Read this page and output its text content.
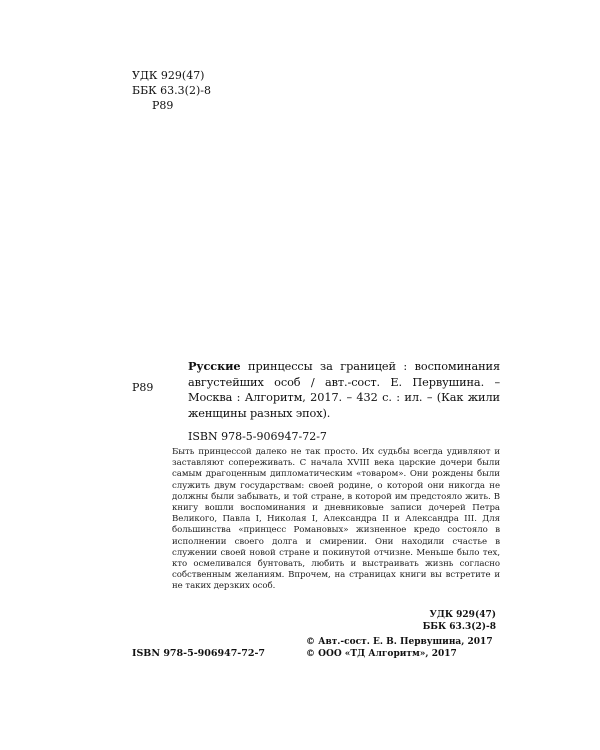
УДК 929(47)
ББК 63.3(2)-8
Р89
Р89
Русские принцессы за границей : воспоминания августейших особ / авт.-сост. Е. Первушина. – Москва : Алгоритм, 2017. – 432 с. : ил. – (Как жили женщины разных эпох).
ISBN 978-5-906947-72-7
Быть принцессой далеко не так просто. Их судьбы всегда удивляют и заставляют сопереживать. С начала XVIII века царские дочери были самым драгоценным дипломатическим «товаром». Они рождены были служить двум государствам: своей родине, о которой они никогда не должны были забывать, и той стране, в которой им предстояло жить. В книгу вошли воспоминания и дневниковые записи дочерей Петра Великого, Павла I, Николая I, Александра II и Александра III. Для большинства «принцесс Романовых» жизненное кредо состояло в исполнении своего долга и смирении. Они находили счастье в служении своей новой стране и покинутой отчизне. Меньше было тех, кто осмеливался бунтовать, любить и выстраивать жизнь согласно собственным желаниям. Впрочем, на страницах книги вы встретите и не таких дерзких особ.
УДК 929(47)
ББК 63.3(2)-8
ISBN 978-5-906947-72-7
© Авт.-сост. Е. В. Первушина, 2017
© ООО «ТД Алгоритм», 2017
